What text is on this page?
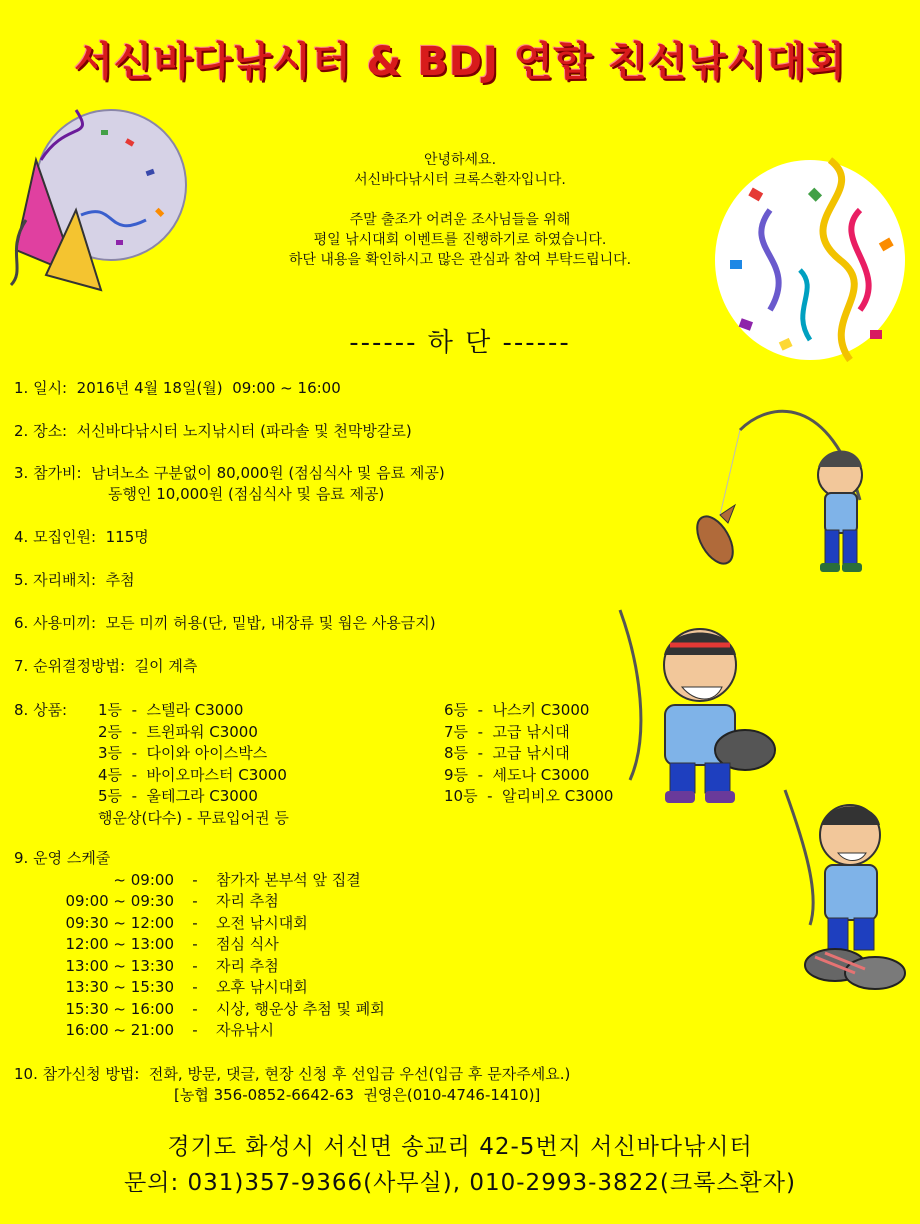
서신바다낚시터 & BDJ 연합 친선낚시대회

안녕하세요.

서신바다낚시터 크록스환자입니다.

주말 출조가 어려운 조사님들을 위해

평일 낚시대회 이벤트를 진행하기로 하였습니다.

하단 내용을 확인하시고 많은 관심과 참여 부탁드립니다.

------ 하 단 ------
1. 일시:  2016년 4월 18일(월)  09:00 ~ 16:00
2. 장소:  서신바다낚시터 노지낚시터 (파라솔 및 천막방갈로)
3. 참가비:  남녀노소 구분없이 80,000원 (점심식사 및 음료 제공)
동행인 10,000원 (점심식사 및 음료 제공)
4. 모집인원:  115명
5. 자리배치:  추첨
6. 사용미끼:  모든 미끼 허용(단, 밑밥, 내장류 및 웜은 사용금지)
7. 순위결정방법:  길이 계측
8. 상품:	1등  -  스텔라 C3000	6등  -  나스키 C3000
2등  -  트윈파워 C3000	7등  -  고급 낚시대
3등  -  다이와 아이스박스	8등  -  고급 낚시대
4등  -  바이오마스터 C3000	9등  -  세도나 C3000
5등  -  울테그라 C3000	10등  -  알리비오 C3000
행운상(다수) - 무료입어권 등
9. 운영 스케줄
~ 09:00	-	참가자 본부석 앞 집결
09:00 ~ 09:30	-	자리 추첨
09:30 ~ 12:00	-	오전 낚시대회
12:00 ~ 13:00	-	점심 식사
13:00 ~ 13:30	-	자리 추첨
13:30 ~ 15:30	-	오후 낚시대회
15:30 ~ 16:00	-	시상, 행운상 추첨 및 폐회
16:00 ~ 21:00	-	자유낚시
10. 참가신청 방법:  전화, 방문, 댓글, 현장 신청 후 선입금 우선(입금 후 문자주세요.)
[농협 356-0852-6642-63  권영은(010-4746-1410)]
경기도 화성시 서신면 송교리 42-5번지 서신바다낚시터
문의: 031)357-9366(사무실), 010-2993-3822(크록스환자)
